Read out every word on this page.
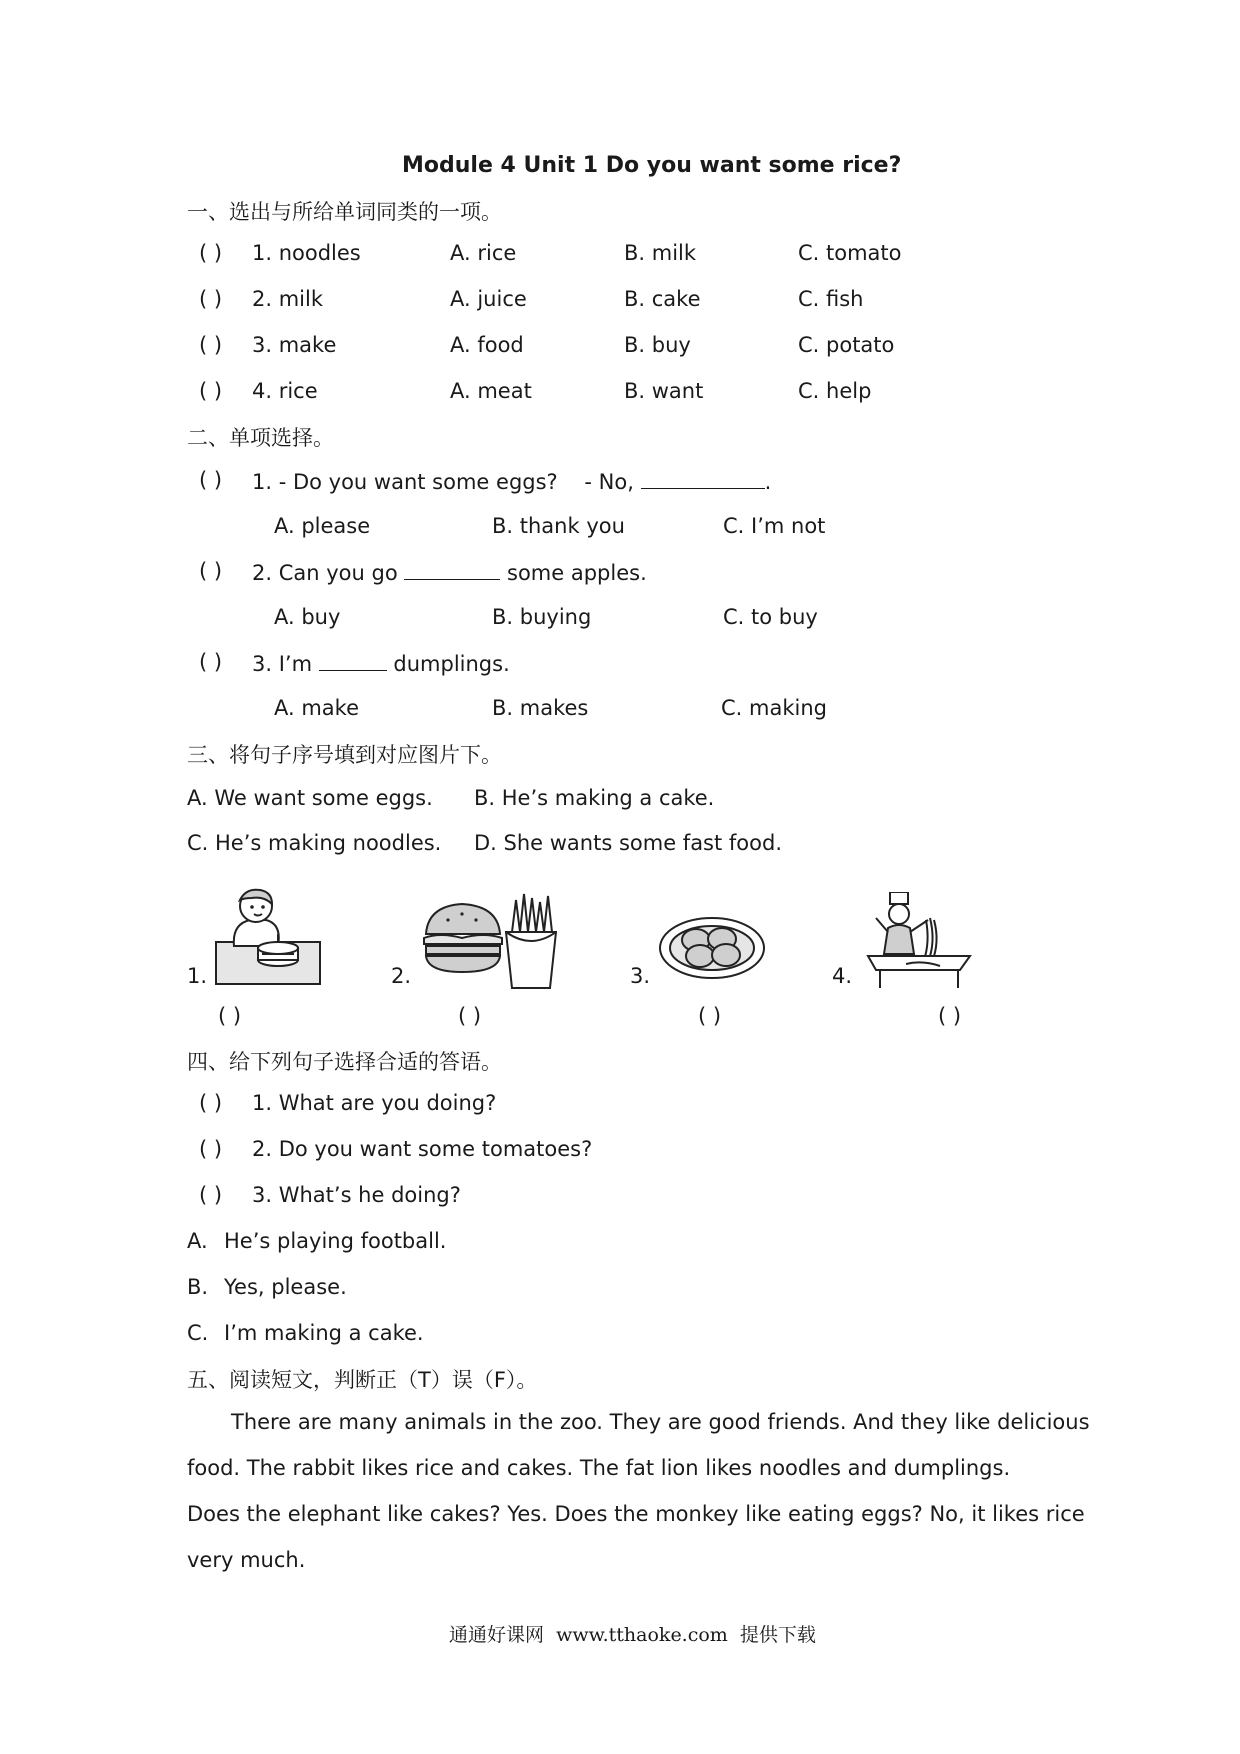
Module 4 Unit 1 Do you want some rice?
一、选出与所给单词同类的一项。
( ) 1. noodles	A. rice	B. milk	C. tomato
( ) 2. milk	A. juice	B. cake	C. fish
( ) 3. make	A. food	B. buy	C. potato
( ) 4. rice	A. meat	B. want	C. help
二、单项选择。
( ) 1. - Do you want some eggs?    - No,	.
A. please	B. thank you	C. I’m not
( ) 2. Can you go	some apples.
A. buy	B. buying	C. to buy
( ) 3. I’m	dumplings.
A. make	B. makes	C. making
三、将句子序号填到对应图片下。
A. We want some eggs. B. He’s making a cake.
C. He’s making noodles. D. She wants some fast food.
1.	2.	3.	4.
( )	( )	( )	( )
四、给下列句子选择合适的答语。
( ) 1. What are you doing?
( ) 2. Do you want some tomatoes?
( ) 3. What’s he doing?
A. He’s playing football.
B. Yes, please.
C. I’m making a cake.
五、阅读短文，判断正（T）误（F）。
There are many animals in the zoo. They are good friends. And they like delicious
food. The rabbit likes rice and cakes. The fat lion likes noodles and dumplings.
Does the elephant like cakes? Yes. Does the monkey like eating eggs? No, it likes rice
very much.
通通好课网  www.tthaoke.com  提供下载
